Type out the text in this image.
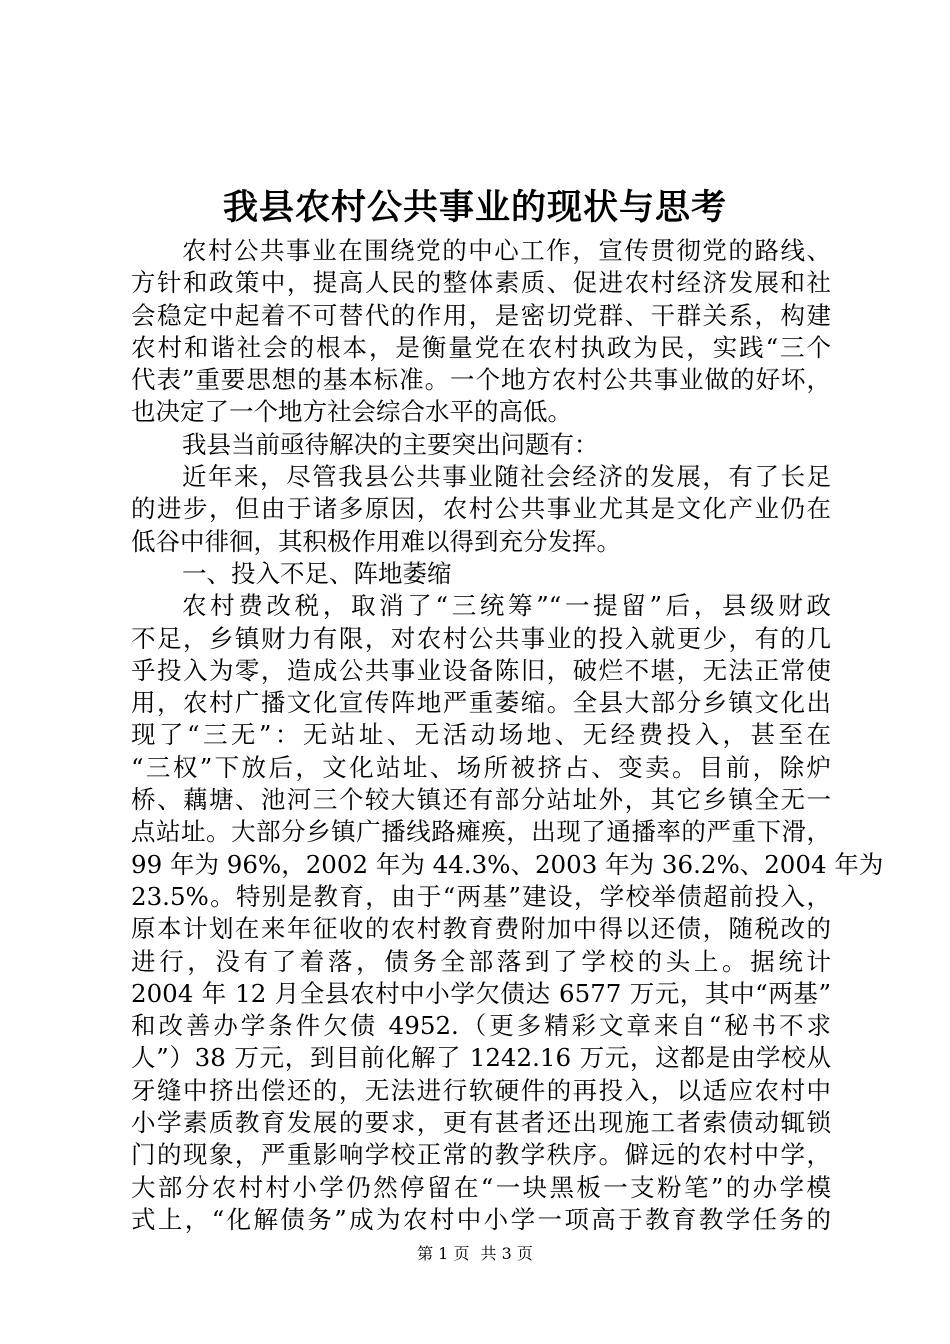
我县农村公共事业的现状与思考
农村公共事业在围绕党的中心工作，宣传贯彻党的路线、
方针和政策中，提高人民的整体素质、促进农村经济发展和社
会稳定中起着不可替代的作用，是密切党群、干群关系，构建
农村和谐社会的根本，是衡量党在农村执政为民，实践“三个
代表”重要思想的基本标准。一个地方农村公共事业做的好坏，
也决定了一个地方社会综合水平的高低。
我县当前亟待解决的主要突出问题有：
近年来，尽管我县公共事业随社会经济的发展，有了长足
的进步，但由于诸多原因，农村公共事业尤其是文化产业仍在
低谷中徘徊，其积极作用难以得到充分发挥。
一、投入不足、阵地萎缩
农村费改税，取消了“三统筹”“一提留”后，县级财政
不足，乡镇财力有限，对农村公共事业的投入就更少，有的几
乎投入为零，造成公共事业设备陈旧，破烂不堪，无法正常使
用，农村广播文化宣传阵地严重萎缩。全县大部分乡镇文化出
现了“三无”：无站址、无活动场地、无经费投入，甚至在
“三权”下放后，文化站址、场所被挤占、变卖。目前，除炉
桥、藕塘、池河三个较大镇还有部分站址外，其它乡镇全无一
点站址。大部分乡镇广播线路瘫痪，出现了通播率的严重下滑，
99 年为 96%，2002 年为 44.3%、2003 年为 36.2%、2004 年为
23.5%。特别是教育，由于“两基”建设，学校举债超前投入，
原本计划在来年征收的农村教育费附加中得以还债，随税改的
进行，没有了着落，债务全部落到了学校的头上。据统计
2004 年 12 月全县农村中小学欠债达 6577 万元，其中“两基”
和改善办学条件欠债 4952.（更多精彩文章来自“秘书不求
人”）38 万元，到目前化解了 1242.16 万元，这都是由学校从
牙缝中挤出偿还的，无法进行软硬件的再投入，以适应农村中
小学素质教育发展的要求，更有甚者还出现施工者索债动辄锁
门的现象，严重影响学校正常的教学秩序。僻远的农村中学，
大部分农村村小学仍然停留在“一块黑板一支粉笔”的办学模
式上，“化解债务”成为农村中小学一项高于教育教学任务的
第 1 页 共 3 页
